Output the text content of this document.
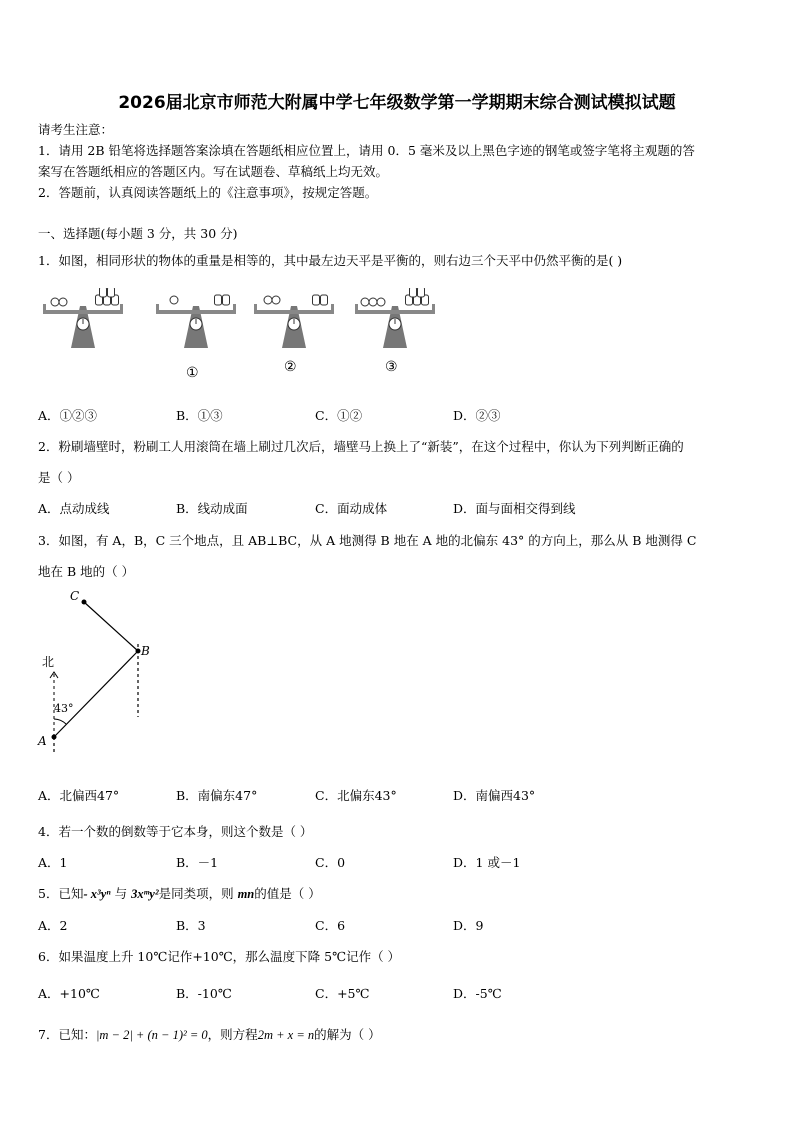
2026届北京市师范大附属中学七年级数学第一学期期末综合测试模拟试题
请考生注意：
1．请用 2B 铅笔将选择题答案涂填在答题纸相应位置上，请用 0．5 毫米及以上黑色字迹的钢笔或签字笔将主观题的答
案写在答题纸相应的答题区内。写在试题卷、草稿纸上均无效。
2．答题前，认真阅读答题纸上的《注意事项》，按规定答题。
一、选择题(每小题 3 分，共 30 分)
1．如图，相同形状的物体的重量是相等的，其中最左边天平是平衡的，则右边三个天平中仍然平衡的是( )
①	②	③
A．①②③	B．①③	C．①②	D．②③
2．粉刷墙壁时，粉刷工人用滚筒在墙上刷过几次后，墙壁马上换上了“新装”，在这个过程中，你认为下列判断正确的
是（ ）
A．点动成线	B．线动成面	C．面动成体	D．面与面相交得到线
3．如图，有 A，B，C 三个地点，且 AB⊥BC，从 A 地测得 B 地在 A 地的北偏东 43° 的方向上，那么从 B 地测得 C
地在 B 地的（ ）
C
B
A
北
43°
A．北偏西47°	B．南偏东47°	C．北偏东43°	D．南偏西43°
4．若一个数的倒数等于它本身，则这个数是（ ）
A．1	B．－1	C．0	D．1 或－1
5．已知- x³yⁿ 与 3xᵐy²是同类项，则 mn的值是（ ）
A．2	B．3	C．6	D．9
6．如果温度上升 10℃记作+10℃，那么温度下降 5℃记作（ ）
A．+10℃	B．-10℃	C．+5℃	D．-5℃
7．已知：|m − 2| + (n − 1)² = 0，则方程2m + x = n的解为（ ）
